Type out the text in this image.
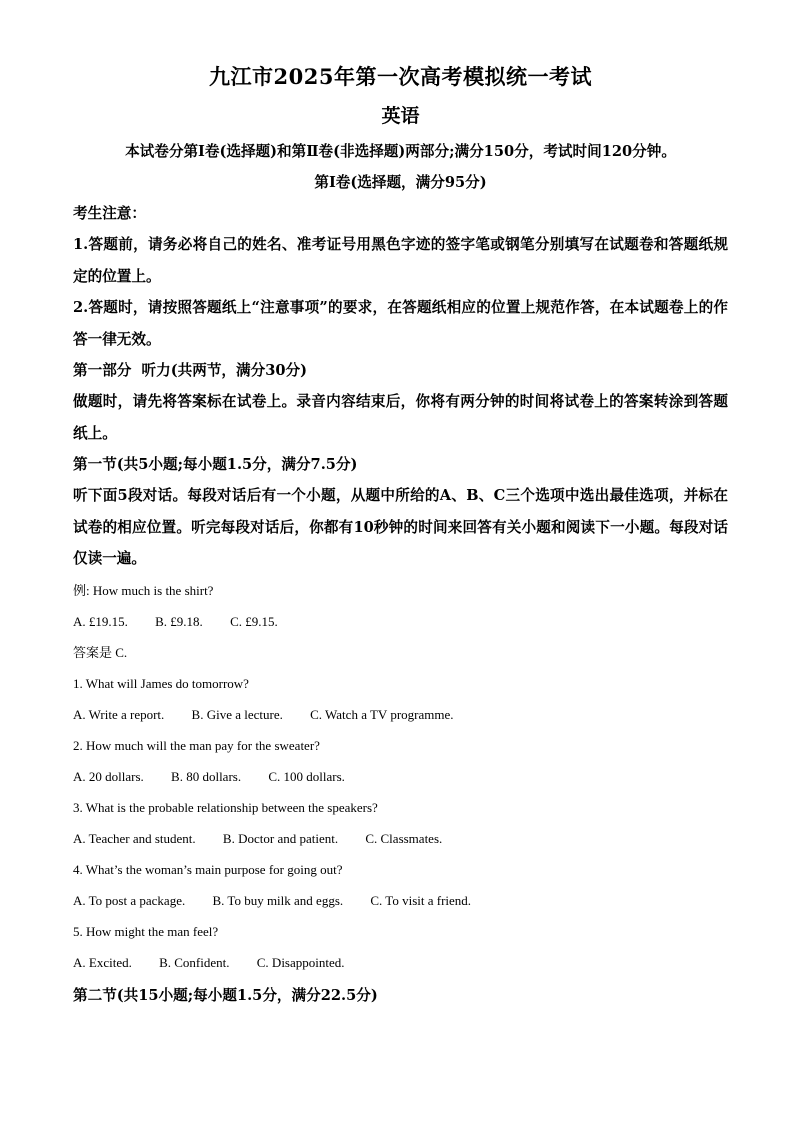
九江市2025年第一次高考模拟统一考试
英语

本试卷分第Ⅰ卷(选择题)和第Ⅱ卷(非选择题)两部分;满分150分，考试时间120分钟。

第Ⅰ卷(选择题，满分95分)

考生注意：

1.答题前，请务必将自己的姓名、准考证号用黑色字迹的签字笔或钢笔分别填写在试题卷和答题纸规定的位置上。

2.答题时，请按照答题纸上“注意事项”的要求，在答题纸相应的位置上规范作答，在本试题卷上的作答一律无效。

第一部分  听力(共两节，满分30分)

做题时，请先将答案标在试卷上。录音内容结束后，你将有两分钟的时间将试卷上的答案转涂到答题纸上。

第一节(共5小题;每小题1.5分，满分7.5分)

听下面5段对话。每段对话后有一个小题，从题中所给的A、B、C三个选项中选出最佳选项，并标在试卷的相应位置。听完每段对话后，你都有10秒钟的时间来回答有关小题和阅读下一小题。每段对话仅读一遍。

例: How much is the shirt?

A. £19.15. B. £9.18. C. £9.15.

答案是 C.

1. What will James do tomorrow?

A. Write a report. B. Give a lecture. C. Watch a TV programme.

2. How much will the man pay for the sweater?

A. 20 dollars. B. 80 dollars. C. 100 dollars.

3. What is the probable relationship between the speakers?

A. Teacher and student. B. Doctor and patient. C. Classmates.

4. What’s the woman’s main purpose for going out?

A. To post a package. B. To buy milk and eggs. C. To visit a friend.

5. How might the man feel?

A. Excited. B. Confident. C. Disappointed.

第二节(共15小题;每小题1.5分，满分22.5分)
